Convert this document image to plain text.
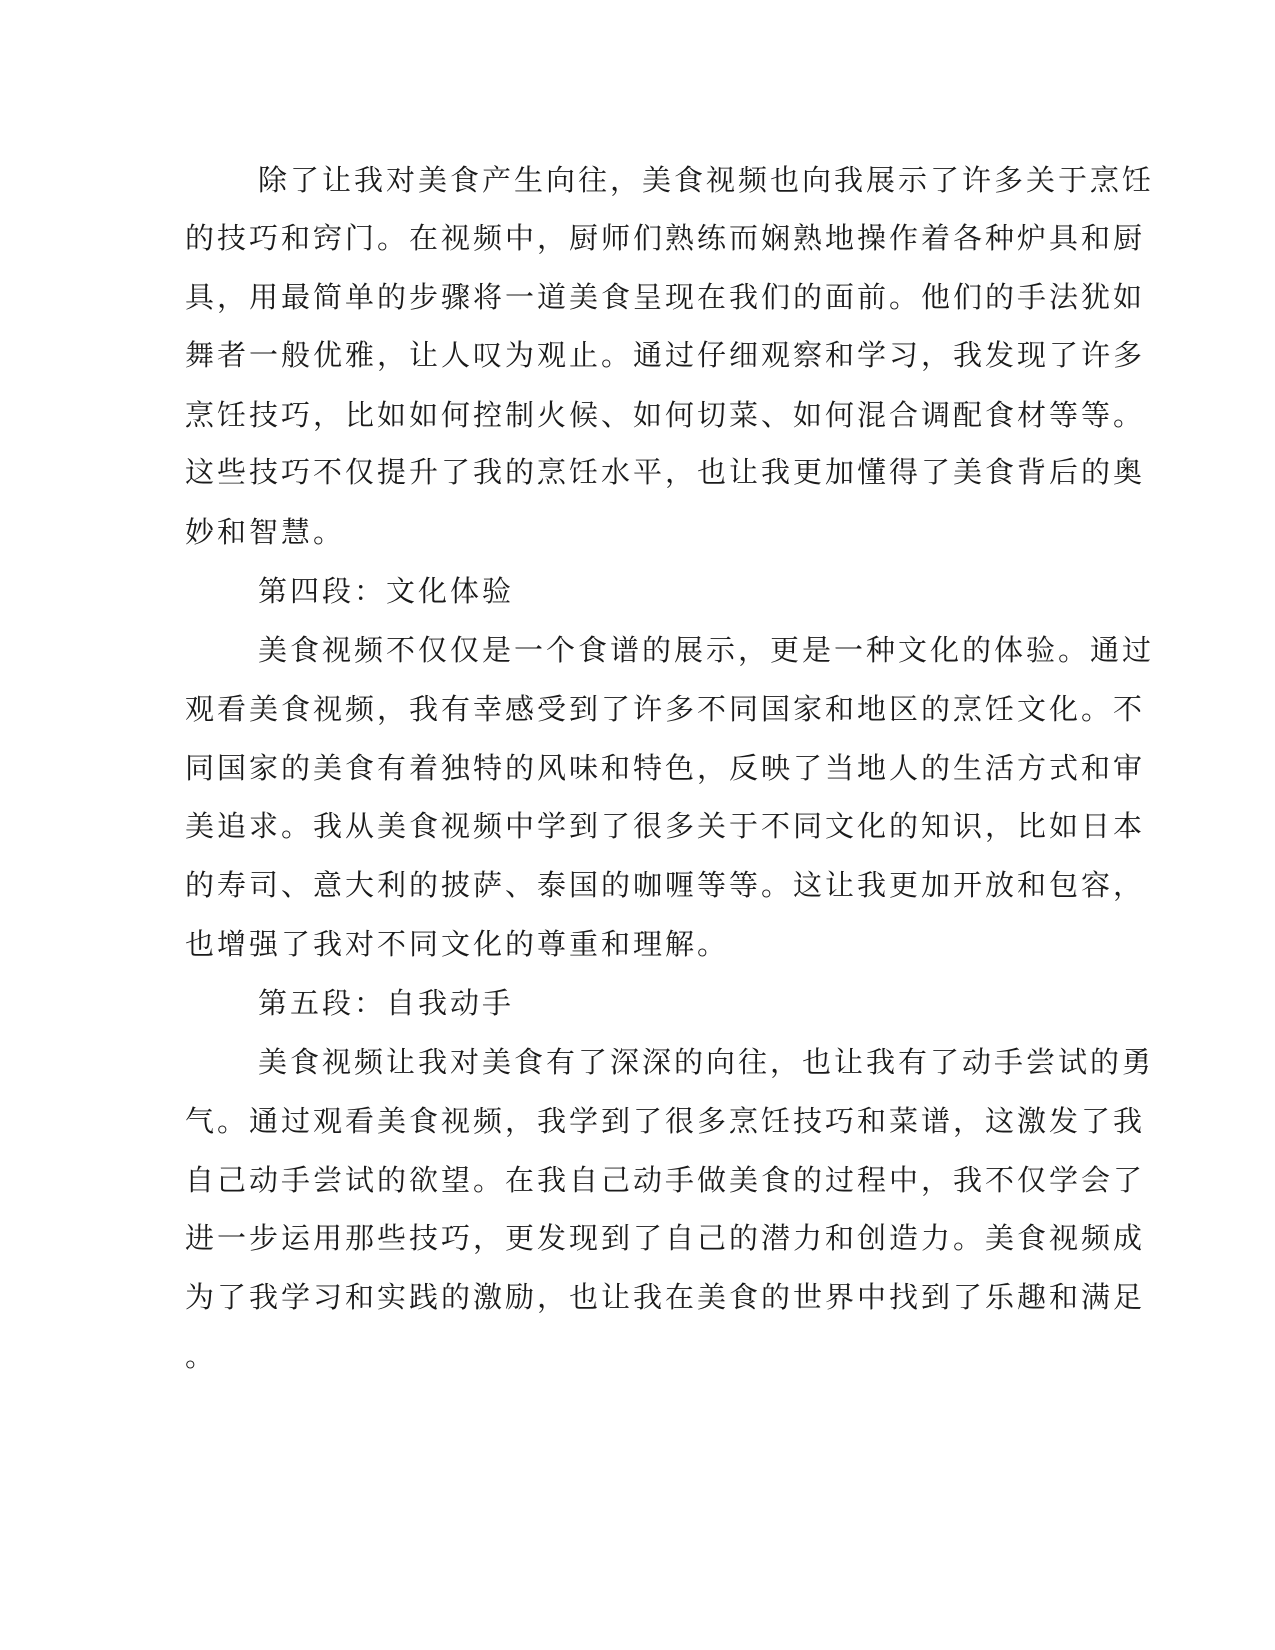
除了让我对美食产生向往，美食视频也向我展示了许多关于烹饪
的技巧和窍门。在视频中，厨师们熟练而娴熟地操作着各种炉具和厨
具，用最简单的步骤将一道美食呈现在我们的面前。他们的手法犹如
舞者一般优雅，让人叹为观止。通过仔细观察和学习，我发现了许多
烹饪技巧，比如如何控制火候、如何切菜、如何混合调配食材等等。
这些技巧不仅提升了我的烹饪水平，也让我更加懂得了美食背后的奥
妙和智慧。
第四段：文化体验
美食视频不仅仅是一个食谱的展示，更是一种文化的体验。通过
观看美食视频，我有幸感受到了许多不同国家和地区的烹饪文化。不
同国家的美食有着独特的风味和特色，反映了当地人的生活方式和审
美追求。我从美食视频中学到了很多关于不同文化的知识，比如日本
的寿司、意大利的披萨、泰国的咖喱等等。这让我更加开放和包容，
也增强了我对不同文化的尊重和理解。
第五段：自我动手
美食视频让我对美食有了深深的向往，也让我有了动手尝试的勇
气。通过观看美食视频，我学到了很多烹饪技巧和菜谱，这激发了我
自己动手尝试的欲望。在我自己动手做美食的过程中，我不仅学会了
进一步运用那些技巧，更发现到了自己的潜力和创造力。美食视频成
为了我学习和实践的激励，也让我在美食的世界中找到了乐趣和满足
。
